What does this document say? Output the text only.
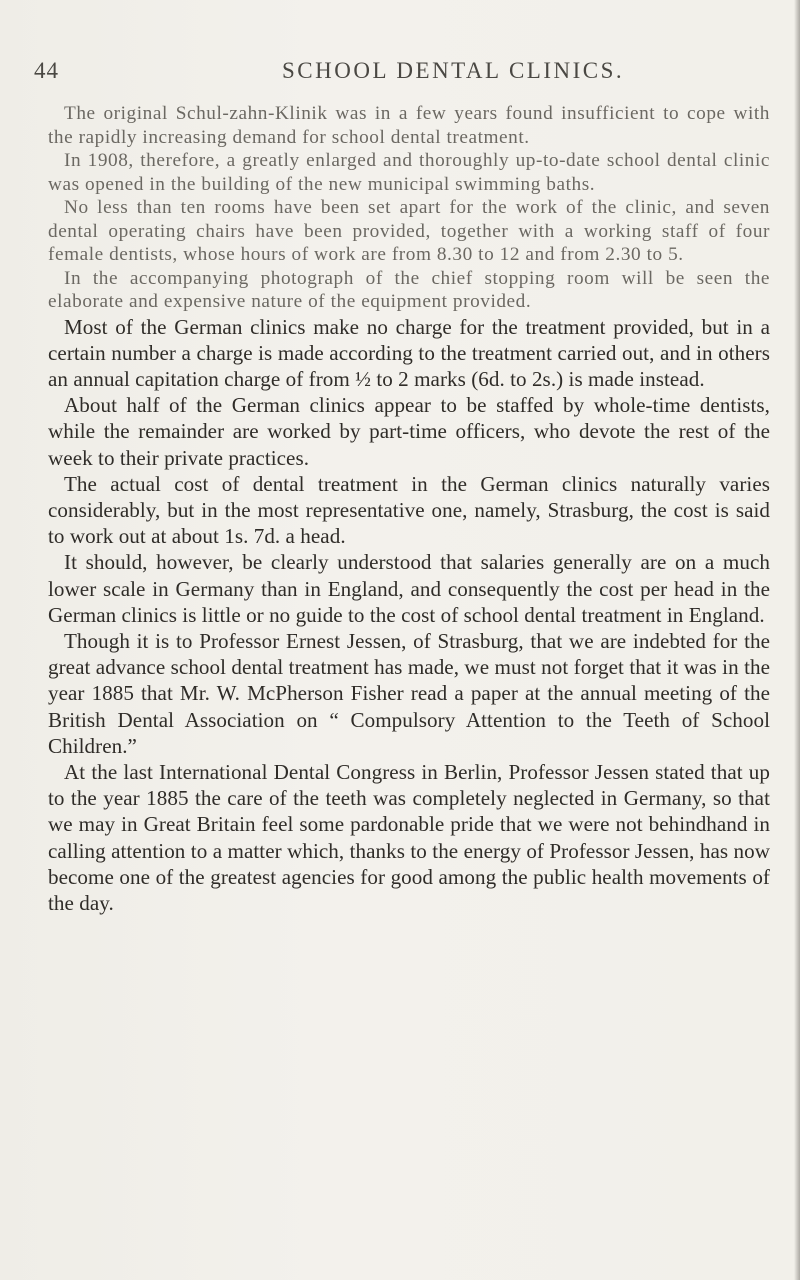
44	SCHOOL DENTAL CLINICS.

The original Schul-zahn-Klinik was in a few years found insufficient to cope with the rapidly increasing demand for school dental treatment.

In 1908, therefore, a greatly enlarged and thoroughly up-to-date school dental clinic was opened in the building of the new municipal swimming baths.

No less than ten rooms have been set apart for the work of the clinic, and seven dental operating chairs have been provided, together with a working staff of four female dentists, whose hours of work are from 8.30 to 12 and from 2.30 to 5.

In the accompanying photograph of the chief stopping room will be seen the elaborate and expensive nature of the equipment provided.

Most of the German clinics make no charge for the treatment provided, but in a certain number a charge is made according to the treatment carried out, and in others an annual capitation charge of from ½ to 2 marks (6d. to 2s.) is made instead.

About half of the German clinics appear to be staffed by whole-time dentists, while the remainder are worked by part-time officers, who devote the rest of the week to their private practices.

The actual cost of dental treatment in the German clinics naturally varies considerably, but in the most representative one, namely, Strasburg, the cost is said to work out at about 1s. 7d. a head.

It should, however, be clearly understood that salaries generally are on a much lower scale in Germany than in England, and consequently the cost per head in the German clinics is little or no guide to the cost of school dental treatment in England.

Though it is to Professor Ernest Jessen, of Strasburg, that we are indebted for the great advance school dental treatment has made, we must not forget that it was in the year 1885 that Mr. W. McPherson Fisher read a paper at the annual meeting of the British Dental Association on “ Compulsory Attention to the Teeth of School Children.”

At the last International Dental Congress in Berlin, Professor Jessen stated that up to the year 1885 the care of the teeth was completely neglected in Germany, so that we may in Great Britain feel some pardonable pride that we were not behindhand in calling attention to a matter which, thanks to the energy of Professor Jessen, has now become one of the greatest agencies for good among the public health movements of the day.
